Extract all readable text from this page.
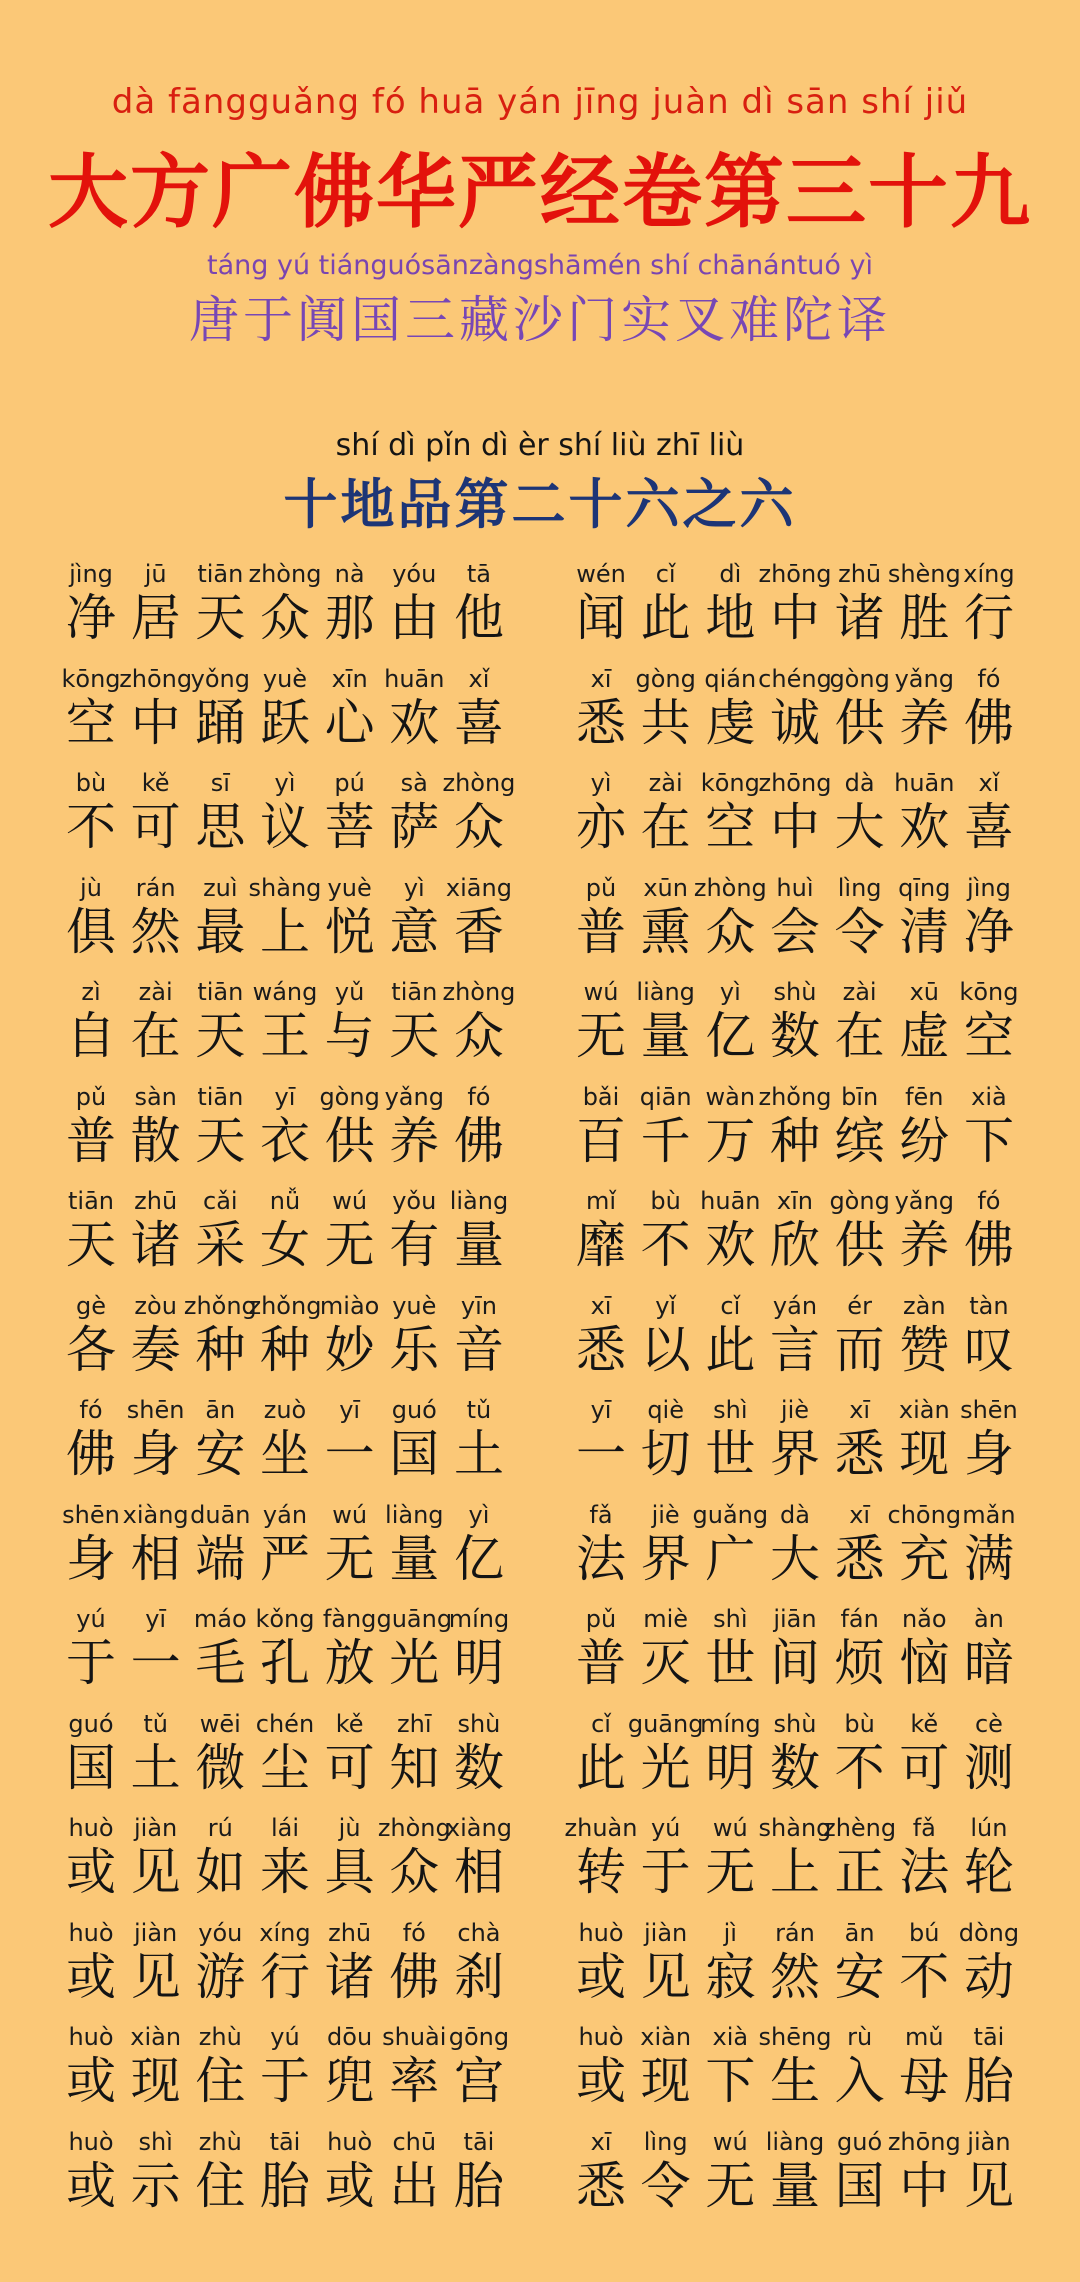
dà fāngguǎng fó huā yán jīng juàn dì sān shí jiǔ
大方广佛华严经卷第三十九
táng yú tiánguósānzàngshāmén shí chānántuó yì
唐于阗国三藏沙门实叉难陀译
shí dì pǐn dì èr shí liù zhī liù
十地品第二十六之六
jìng
净
jū
居
tiān
天
zhòng
众
nà
那
yóu
由
tā
他
wén
闻
cǐ
此
dì
地
zhōng
中
zhū
诸
shèng
胜
xíng
行
kōng
空
zhōng
中
yǒng
踊
yuè
跃
xīn
心
huān
欢
xǐ
喜
xī
悉
gòng
共
qián
虔
chéng
诚
gòng
供
yǎng
养
fó
佛
bù
不
kě
可
sī
思
yì
议
pú
菩
sà
萨
zhòng
众
yì
亦
zài
在
kōng
空
zhōng
中
dà
大
huān
欢
xǐ
喜
jù
俱
rán
然
zuì
最
shàng
上
yuè
悦
yì
意
xiāng
香
pǔ
普
xūn
熏
zhòng
众
huì
会
lìng
令
qīng
清
jìng
净
zì
自
zài
在
tiān
天
wáng
王
yǔ
与
tiān
天
zhòng
众
wú
无
liàng
量
yì
亿
shù
数
zài
在
xū
虚
kōng
空
pǔ
普
sàn
散
tiān
天
yī
衣
gòng
供
yǎng
养
fó
佛
bǎi
百
qiān
千
wàn
万
zhǒng
种
bīn
缤
fēn
纷
xià
下
tiān
天
zhū
诸
cǎi
采
nǚ
女
wú
无
yǒu
有
liàng
量
mǐ
靡
bù
不
huān
欢
xīn
欣
gòng
供
yǎng
养
fó
佛
gè
各
zòu
奏
zhǒng
种
zhǒng
种
miào
妙
yuè
乐
yīn
音
xī
悉
yǐ
以
cǐ
此
yán
言
ér
而
zàn
赞
tàn
叹
fó
佛
shēn
身
ān
安
zuò
坐
yī
一
guó
国
tǔ
土
yī
一
qiè
切
shì
世
jiè
界
xī
悉
xiàn
现
shēn
身
shēn
身
xiàng
相
duān
端
yán
严
wú
无
liàng
量
yì
亿
fǎ
法
jiè
界
guǎng
广
dà
大
xī
悉
chōng
充
mǎn
满
yú
于
yī
一
máo
毛
kǒng
孔
fàng
放
guāng
光
míng
明
pǔ
普
miè
灭
shì
世
jiān
间
fán
烦
nǎo
恼
àn
暗
guó
国
tǔ
土
wēi
微
chén
尘
kě
可
zhī
知
shù
数
cǐ
此
guāng
光
míng
明
shù
数
bù
不
kě
可
cè
测
huò
或
jiàn
见
rú
如
lái
来
jù
具
zhòng
众
xiàng
相
zhuàn
转
yú
于
wú
无
shàng
上
zhèng
正
fǎ
法
lún
轮
huò
或
jiàn
见
yóu
游
xíng
行
zhū
诸
fó
佛
chà
刹
huò
或
jiàn
见
jì
寂
rán
然
ān
安
bú
不
dòng
动
huò
或
xiàn
现
zhù
住
yú
于
dōu
兜
shuài
率
gōng
宫
huò
或
xiàn
现
xià
下
shēng
生
rù
入
mǔ
母
tāi
胎
huò
或
shì
示
zhù
住
tāi
胎
huò
或
chū
出
tāi
胎
xī
悉
lìng
令
wú
无
liàng
量
guó
国
zhōng
中
jiàn
见
